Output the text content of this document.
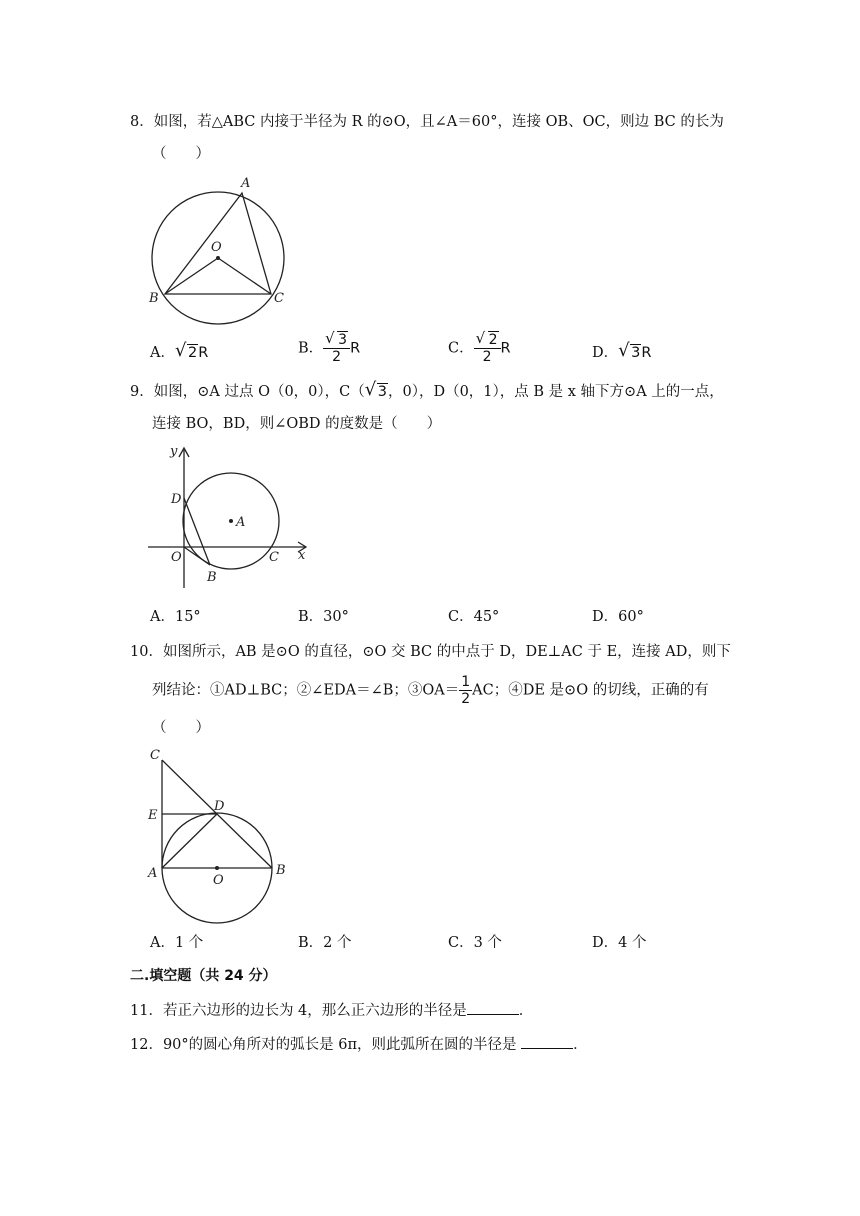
8．如图，若△ABC 内接于半径为 R 的⊙O，且∠A＝60°，连接 OB、OC，则边 BC 的长为
（　　）
A
O
B	C
A． √ 2R	B． $\frac{√ 3}{2}$ R	C． $\frac{√ 2}{2}$ R	D． √ 3R
9．如图，⊙A 过点 O（0，0），C（ √ 3，0），D（0，1），点 B 是 x 轴下方⊙A 上的一点，
连接 BO，BD，则∠OBD 的度数是（　　）
y
x
D
A
O
B
C
A．15°	B．30°	C．45°	D．60°
10．如图所示，AB 是⊙O 的直径，⊙O 交 BC 的中点于 D，DE⊥AC 于 E，连接 AD，则下
列结论：①AD⊥BC；②∠EDA＝∠B；③OA＝ $\frac{1}{2}$ AC；④DE 是⊙O 的切线，正确的有
（　　）
C
E
D
A	O
B
A．1 个	B．2 个	C．3 个	D．4 个
二.填空题（共 24 分）
11．若正六边形的边长为 4，那么正六边形的半径是	．
12．90°的圆心角所对的弧长是 6π，则此弧所在圆的半径是	．
